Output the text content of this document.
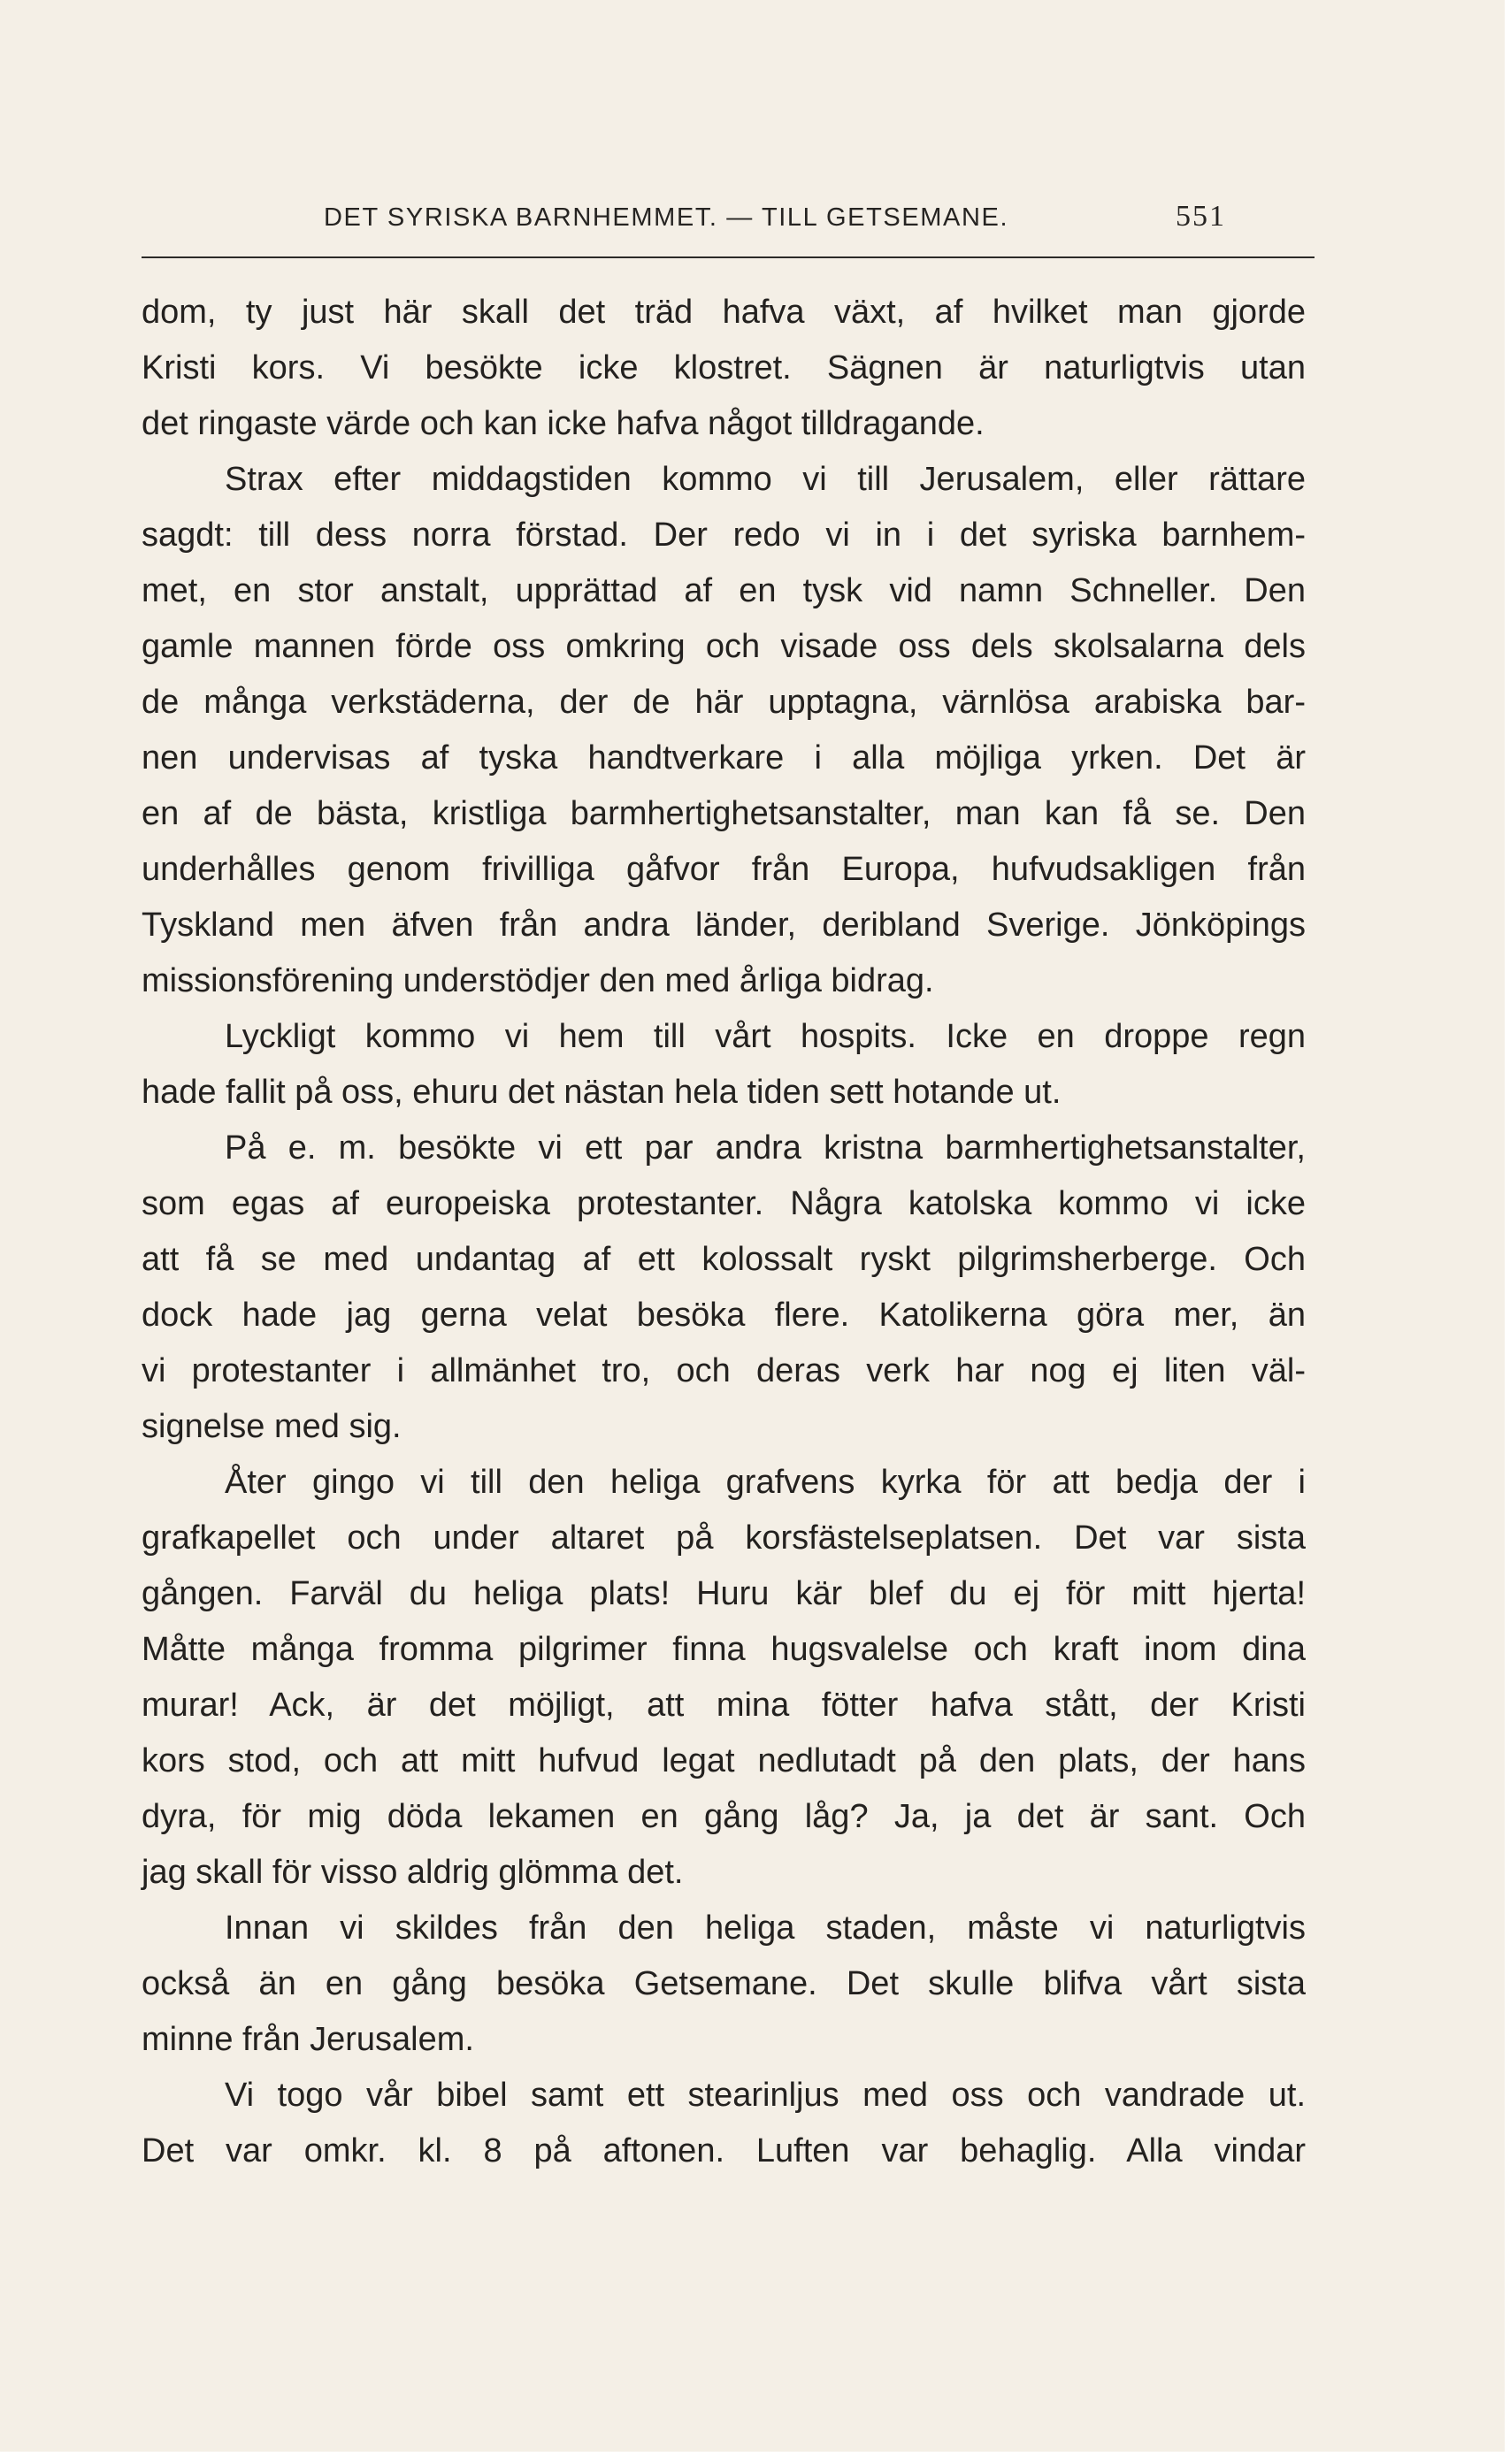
DET SYRISKA BARNHEMMET. — TILL GETSEMANE.	551
dom, ty just här skall det träd hafva växt, af hvilket man gjorde
Kristi kors. Vi besökte icke klostret. Sägnen är naturligtvis utan
det ringaste värde och kan icke hafva något tilldragande.
Strax efter middagstiden kommo vi till Jerusalem, eller rättare
sagdt: till dess norra förstad. Der redo vi in i det syriska barnhem-
met, en stor anstalt, upprättad af en tysk vid namn Schneller. Den
gamle mannen förde oss omkring och visade oss dels skolsalarna dels
de många verkstäderna, der de här upptagna, värnlösa arabiska bar-
nen undervisas af tyska handtverkare i alla möjliga yrken. Det är
en af de bästa, kristliga barmhertighetsanstalter, man kan få se. Den
underhålles genom frivilliga gåfvor från Europa, hufvudsakligen från
Tyskland men äfven från andra länder, deribland Sverige. Jönköpings
missionsförening understödjer den med årliga bidrag.
Lyckligt kommo vi hem till vårt hospits. Icke en droppe regn
hade fallit på oss, ehuru det nästan hela tiden sett hotande ut.
På e. m. besökte vi ett par andra kristna barmhertighetsanstalter,
som egas af europeiska protestanter. Några katolska kommo vi icke
att få se med undantag af ett kolossalt ryskt pilgrimsherberge. Och
dock hade jag gerna velat besöka flere. Katolikerna göra mer, än
vi protestanter i allmänhet tro, och deras verk har nog ej liten väl-
signelse med sig.
Åter gingo vi till den heliga grafvens kyrka för att bedja der i
grafkapellet och under altaret på korsfästelseplatsen. Det var sista
gången. Farväl du heliga plats! Huru kär blef du ej för mitt hjerta!
Måtte många fromma pilgrimer finna hugsvalelse och kraft inom dina
murar! Ack, är det möjligt, att mina fötter hafva stått, der Kristi
kors stod, och att mitt hufvud legat nedlutadt på den plats, der hans
dyra, för mig döda lekamen en gång låg? Ja, ja det är sant. Och
jag skall för visso aldrig glömma det.
Innan vi skildes från den heliga staden, måste vi naturligtvis
också än en gång besöka Getsemane. Det skulle blifva vårt sista
minne från Jerusalem.
Vi togo vår bibel samt ett stearinljus med oss och vandrade ut.
Det var omkr. kl. 8 på aftonen. Luften var behaglig. Alla vindar
